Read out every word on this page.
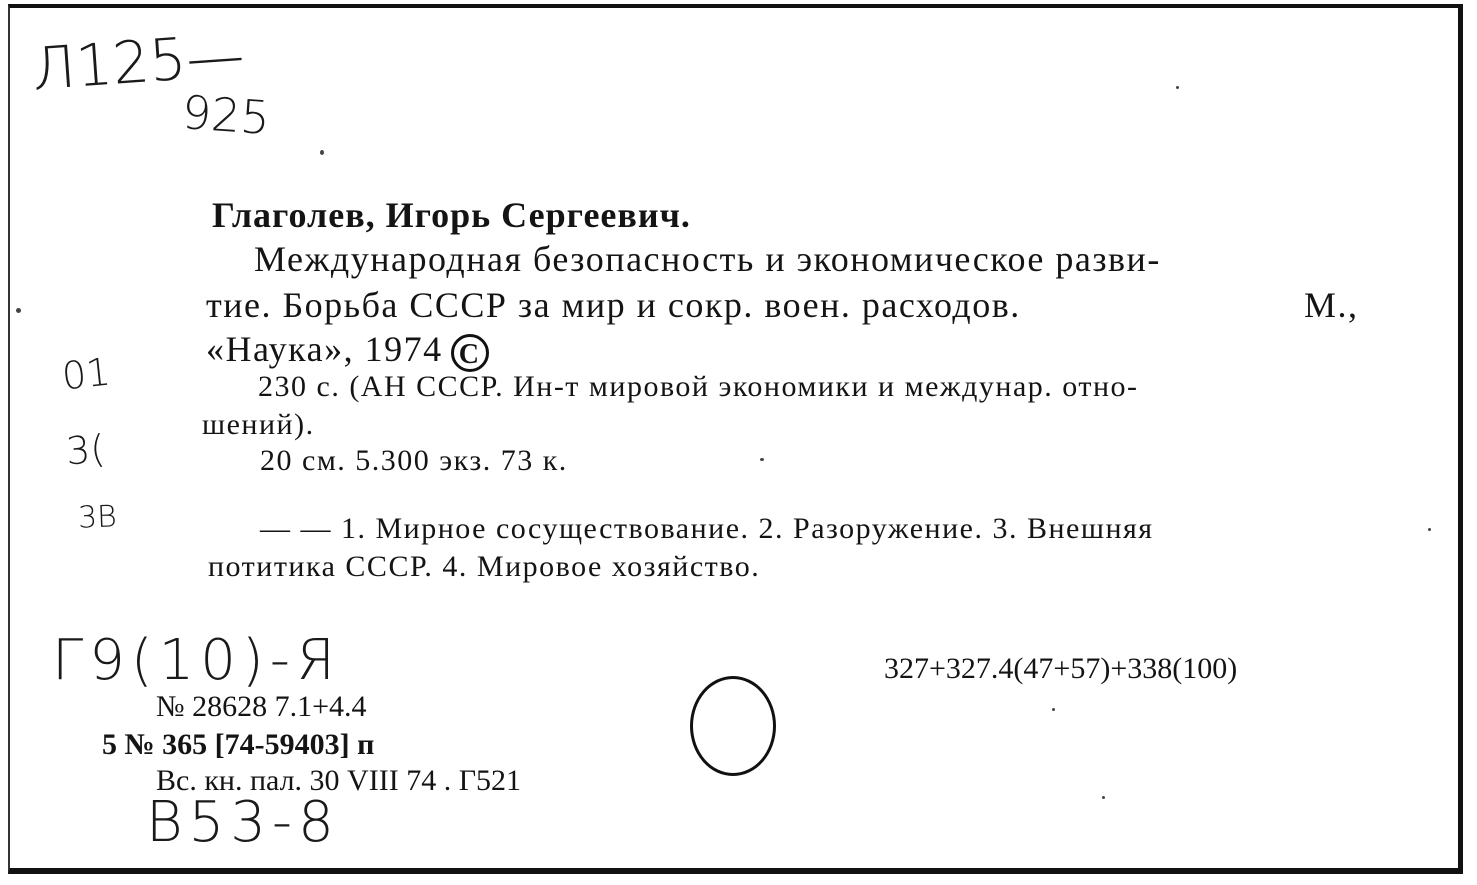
Л125—
925
Глаголев, Игорь Сергеевич.
Международная безопасность и экономическое разви-
тие. Борьба СССР за мир и сокр. воен. расходов.	М.,
«Наука», 1974 C
230 с. (АН СССР. Ин-т мировой экономики и междунар. отно-
шений).
20 см. 5.300 экз. 73 к.
— — 1. Мирное сосуществование. 2. Разоружение. 3. Внешняя
потитика СССР. 4. Мировое хозяйство.
01
3(
3В
Г9(10)-Я	327+327.4(47+57)+338(100)
№ 28628 7.1+4.4
5 № 365 [74-59403] п
Вс. кн. пал. 30 VIII 74 . Г521
В53-8
